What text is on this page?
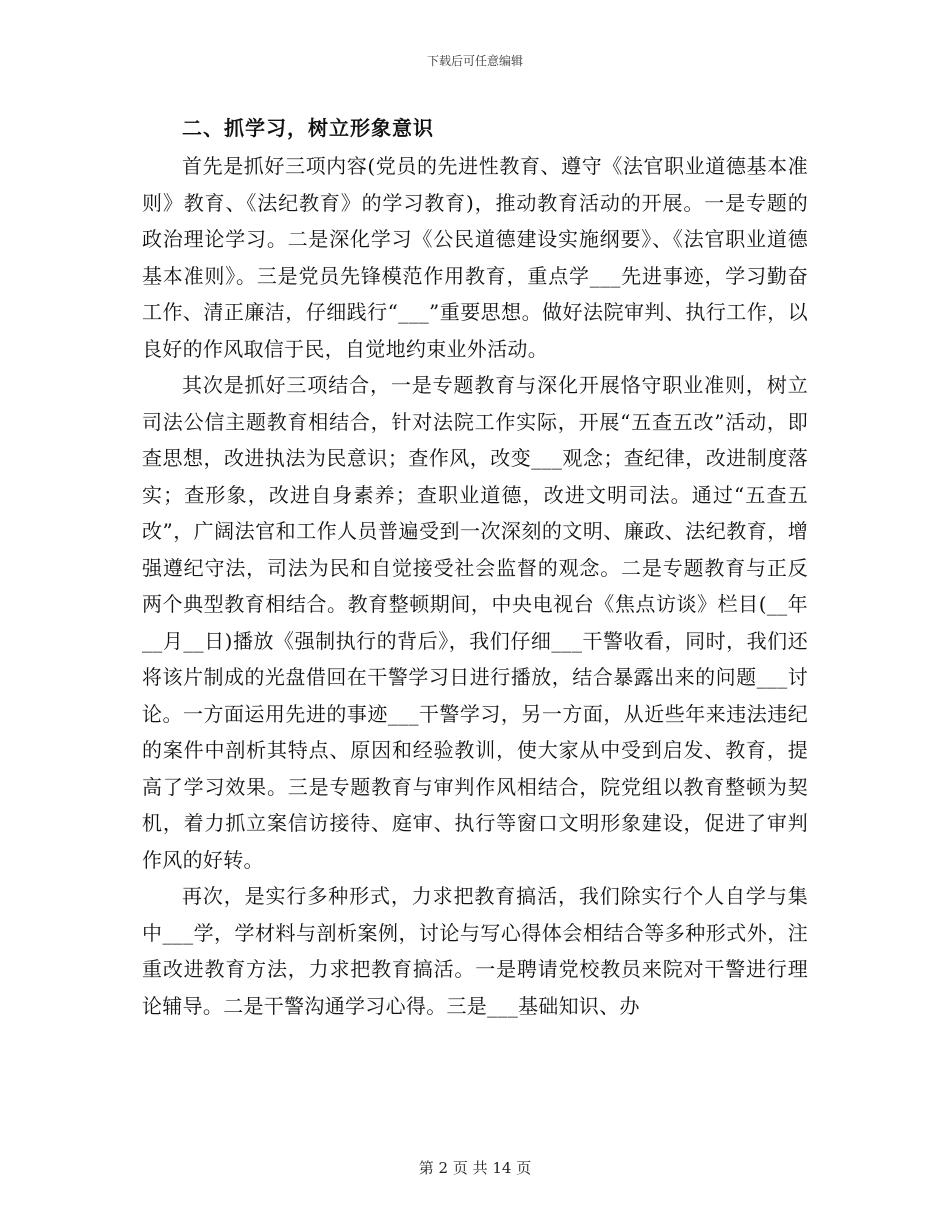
下载后可任意编辑

二、抓学习，树立形象意识

首先是抓好三项内容(党员的先进性教育、遵守《法官职业道德基本准则》教育、《法纪教育》的学习教育)，推动教育活动的开展。一是专题的政治理论学习。二是深化学习《公民道德建设实施纲要》、《法官职业道德基本准则》。三是党员先锋模范作用教育，重点学___先进事迹，学习勤奋工作、清正廉洁，仔细践行“___”重要思想。做好法院审判、执行工作，以良好的作风取信于民，自觉地约束业外活动。

其次是抓好三项结合，一是专题教育与深化开展恪守职业准则，树立司法公信主题教育相结合，针对法院工作实际，开展“五查五改”活动，即查思想，改进执法为民意识；查作风，改变___观念；查纪律，改进制度落实；查形象，改进自身素养；查职业道德，改进文明司法。通过“五查五改”，广阔法官和工作人员普遍受到一次深刻的文明、廉政、法纪教育，增强遵纪守法，司法为民和自觉接受社会监督的观念。二是专题教育与正反两个典型教育相结合。教育整顿期间，中央电视台《焦点访谈》栏目(__年__月__日)播放《强制执行的背后》，我们仔细___干警收看，同时，我们还将该片制成的光盘借回在干警学习日进行播放，结合暴露出来的问题___讨论。一方面运用先进的事迹___干警学习，另一方面，从近些年来违法违纪的案件中剖析其特点、原因和经验教训，使大家从中受到启发、教育，提高了学习效果。三是专题教育与审判作风相结合，院党组以教育整顿为契机，着力抓立案信访接待、庭审、执行等窗口文明形象建设，促进了审判作风的好转。

再次，是实行多种形式，力求把教育搞活，我们除实行个人自学与集中___学，学材料与剖析案例，讨论与写心得体会相结合等多种形式外，注重改进教育方法，力求把教育搞活。一是聘请党校教员来院对干警进行理论辅导。二是干警沟通学习心得。三是___基础知识、办

第 2 页 共 14 页
